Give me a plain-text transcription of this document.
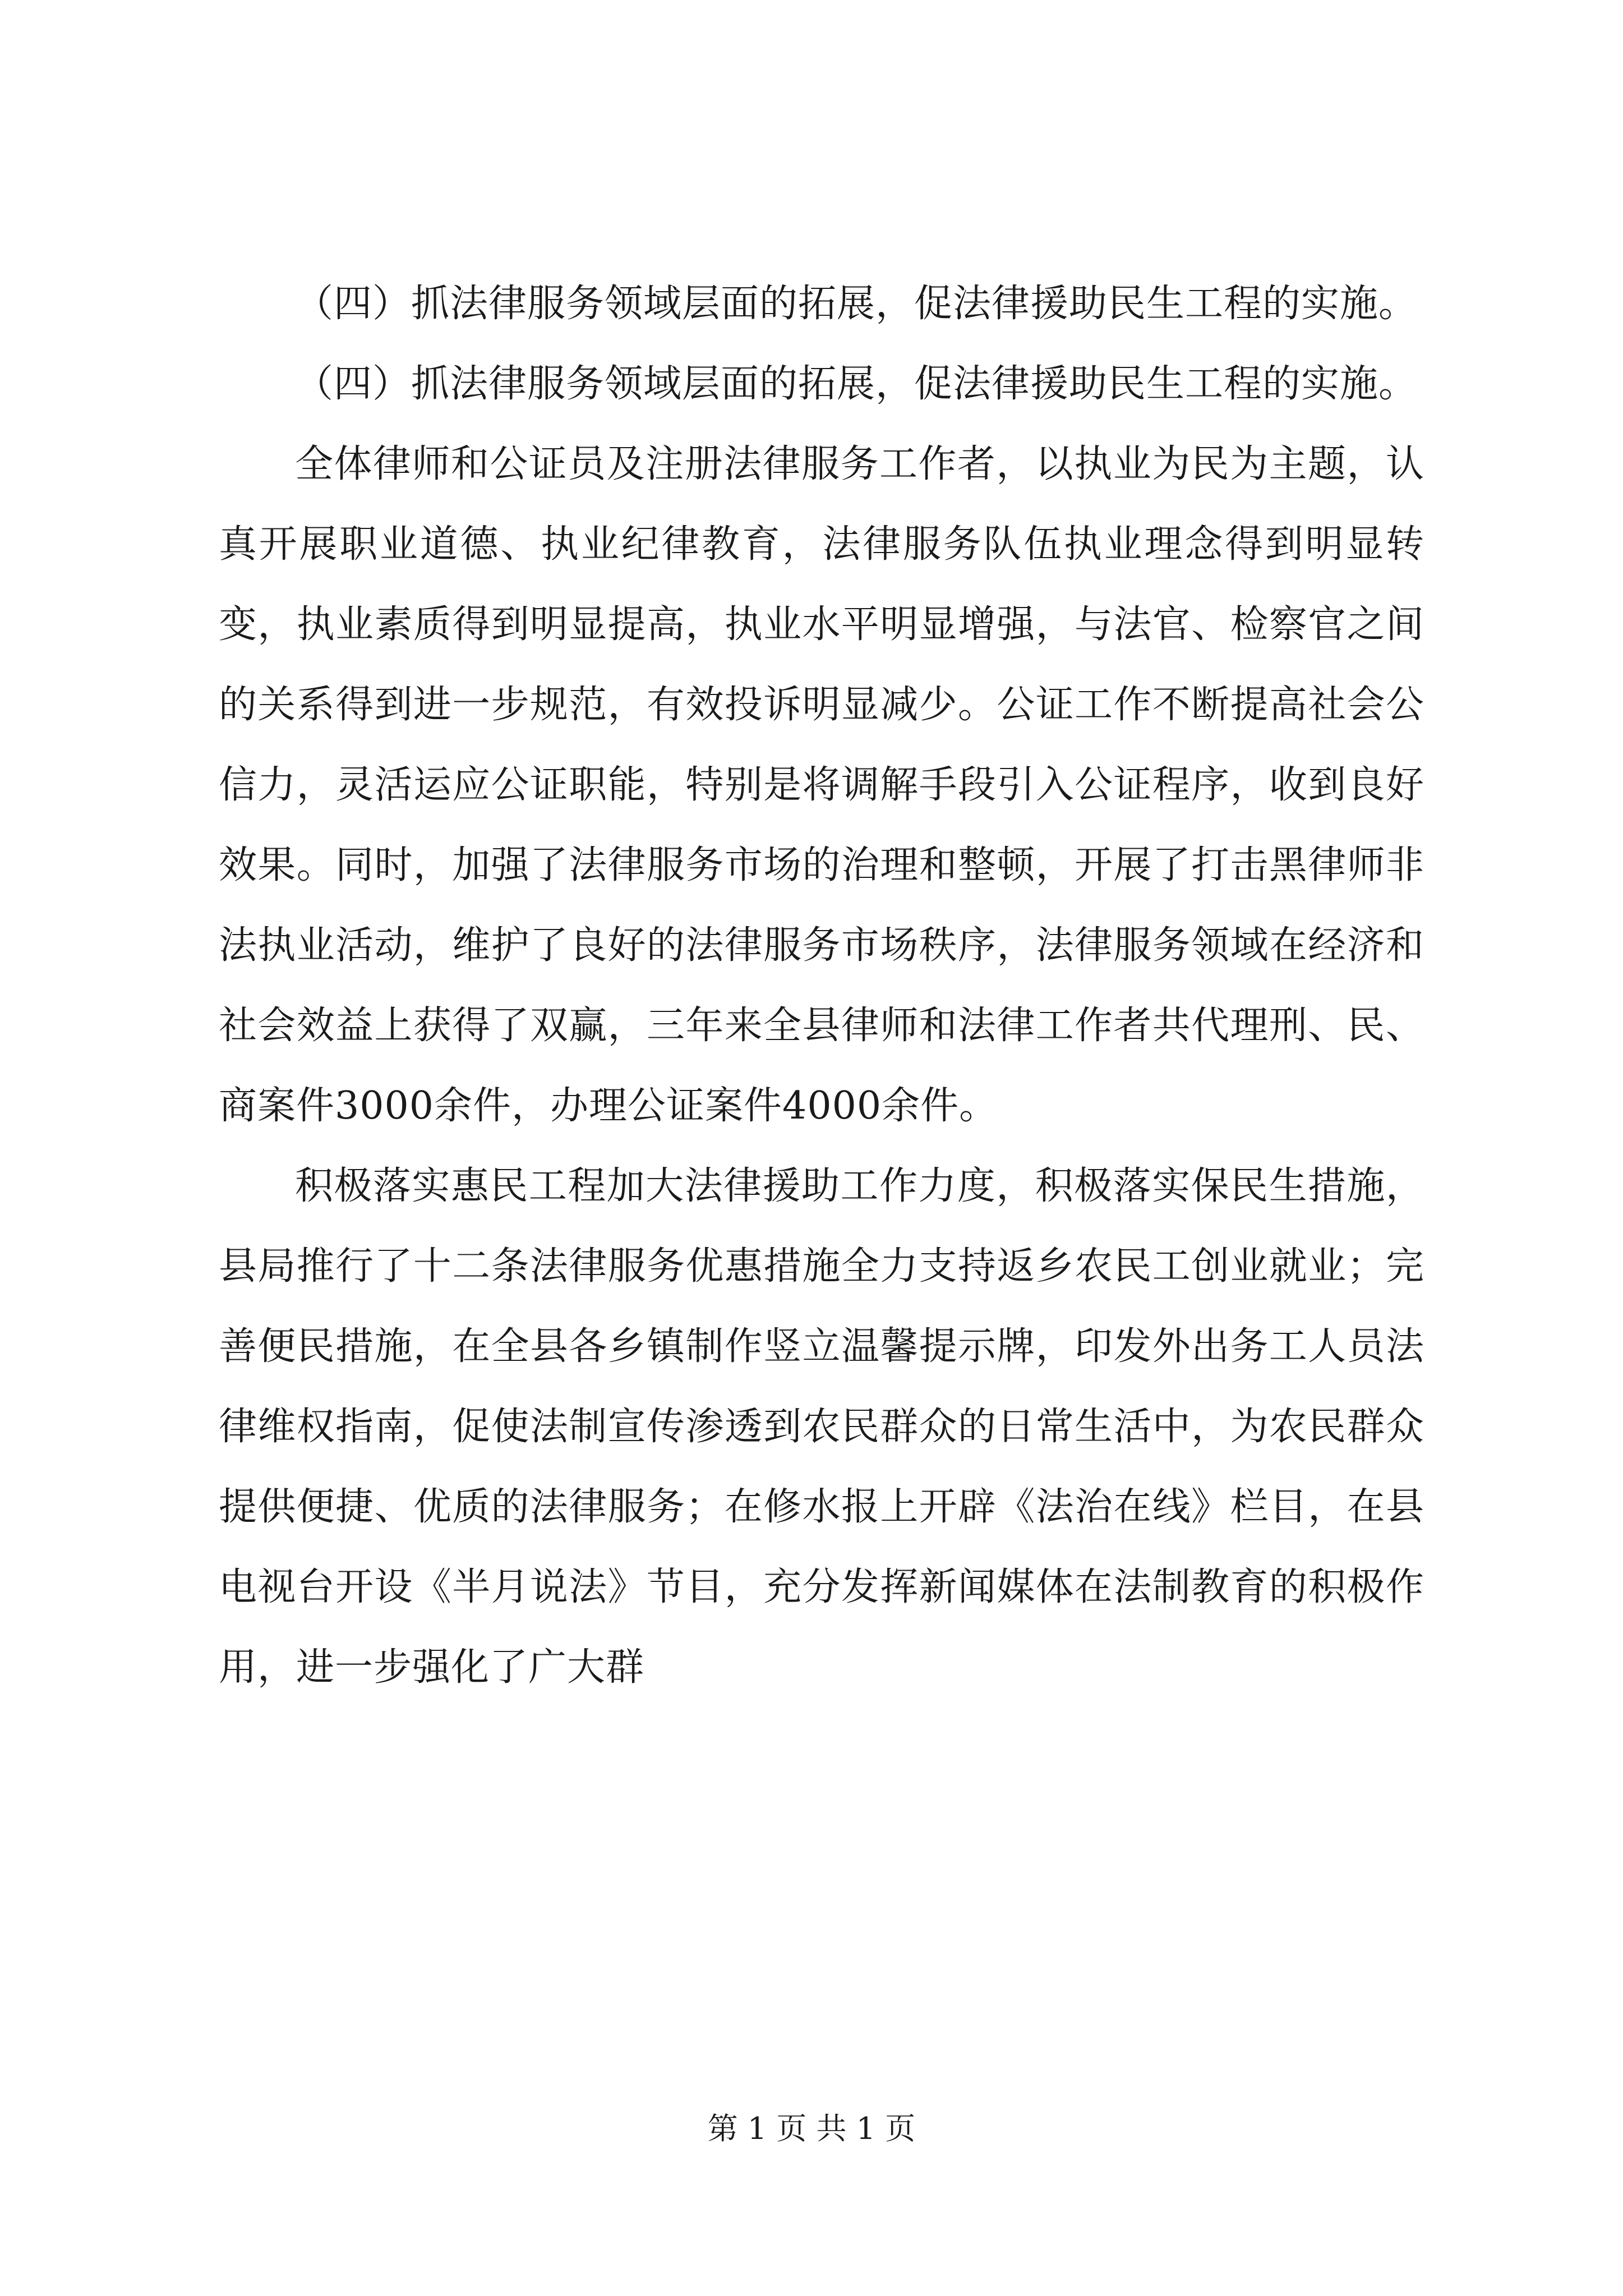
（四）抓法律服务领域层面的拓展，促法律援助民生工程的实施。

（四）抓法律服务领域层面的拓展，促法律援助民生工程的实施。

全体律师和公证员及注册法律服务工作者，以执业为民为主题，认真开展职业道德、执业纪律教育，法律服务队伍执业理念得到明显转变，执业素质得到明显提高，执业水平明显增强，与法官、检察官之间的关系得到进一步规范，有效投诉明显减少。公证工作不断提高社会公信力，灵活运应公证职能，特别是将调解手段引入公证程序，收到良好效果。同时，加强了法律服务市场的治理和整顿，开展了打击黑律师非法执业活动，维护了良好的法律服务市场秩序，法律服务领域在经济和社会效益上获得了双赢，三年来全县律师和法律工作者共代理刑、民、商案件3000余件，办理公证案件4000余件。

积极落实惠民工程加大法律援助工作力度，积极落实保民生措施，县局推行了十二条法律服务优惠措施全力支持返乡农民工创业就业；完善便民措施，在全县各乡镇制作竖立温馨提示牌，印发外出务工人员法律维权指南，促使法制宣传渗透到农民群众的日常生活中，为农民群众提供便捷、优质的法律服务；在修水报上开辟《法治在线》栏目，在县电视台开设《半月说法》节目，充分发挥新闻媒体在法制教育的积极作用，进一步强化了广大群

第 1 页 共 1 页
